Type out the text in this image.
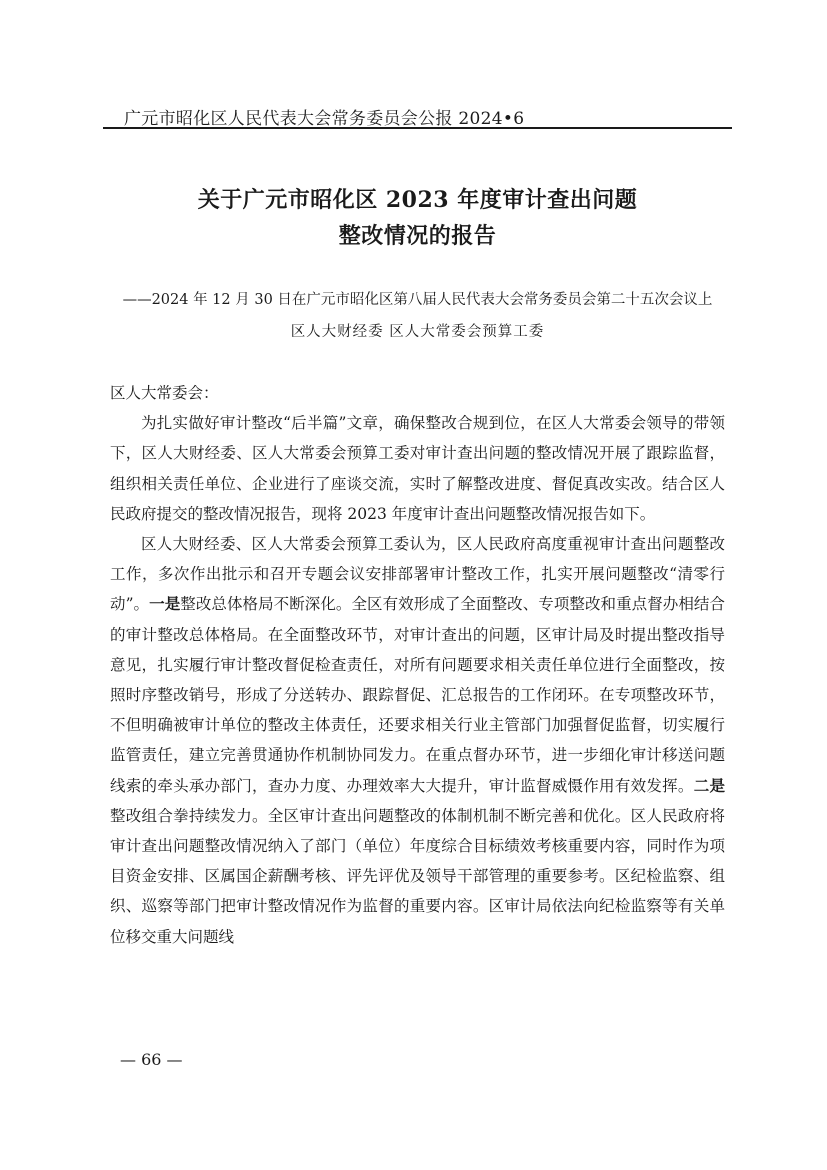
广元市昭化区人民代表大会常务委员会公报 2024•6
关于广元市昭化区 2023 年度审计查出问题
整改情况的报告
——2024 年 12 月 30 日在广元市昭化区第八届人民代表大会常务委员会第二十五次会议上
区人大财经委 区人大常委会预算工委

区人大常委会：

为扎实做好审计整改“后半篇”文章，确保整改合规到位，在区人大常委会领导的带领下，区人大财经委、区人大常委会预算工委对审计查出问题的整改情况开展了跟踪监督，组织相关责任单位、企业进行了座谈交流，实时了解整改进度、督促真改实改。结合区人民政府提交的整改情况报告，现将 2023 年度审计查出问题整改情况报告如下。

区人大财经委、区人大常委会预算工委认为，区人民政府高度重视审计查出问题整改工作，多次作出批示和召开专题会议安排部署审计整改工作，扎实开展问题整改“清零行动”。一是整改总体格局不断深化。全区有效形成了全面整改、专项整改和重点督办相结合的审计整改总体格局。在全面整改环节，对审计查出的问题，区审计局及时提出整改指导意见，扎实履行审计整改督促检查责任，对所有问题要求相关责任单位进行全面整改，按照时序整改销号，形成了分送转办、跟踪督促、汇总报告的工作闭环。在专项整改环节，不但明确被审计单位的整改主体责任，还要求相关行业主管部门加强督促监督，切实履行监管责任，建立完善贯通协作机制协同发力。在重点督办环节，进一步细化审计移送问题线索的牵头承办部门，查办力度、办理效率大大提升，审计监督威慑作用有效发挥。二是整改组合拳持续发力。全区审计查出问题整改的体制机制不断完善和优化。区人民政府将审计查出问题整改情况纳入了部门（单位）年度综合目标绩效考核重要内容，同时作为项目资金安排、区属国企薪酬考核、评先评优及领导干部管理的重要参考。区纪检监察、组织、巡察等部门把审计整改情况作为监督的重要内容。区审计局依法向纪检监察等有关单位移交重大问题线

— 66 —
